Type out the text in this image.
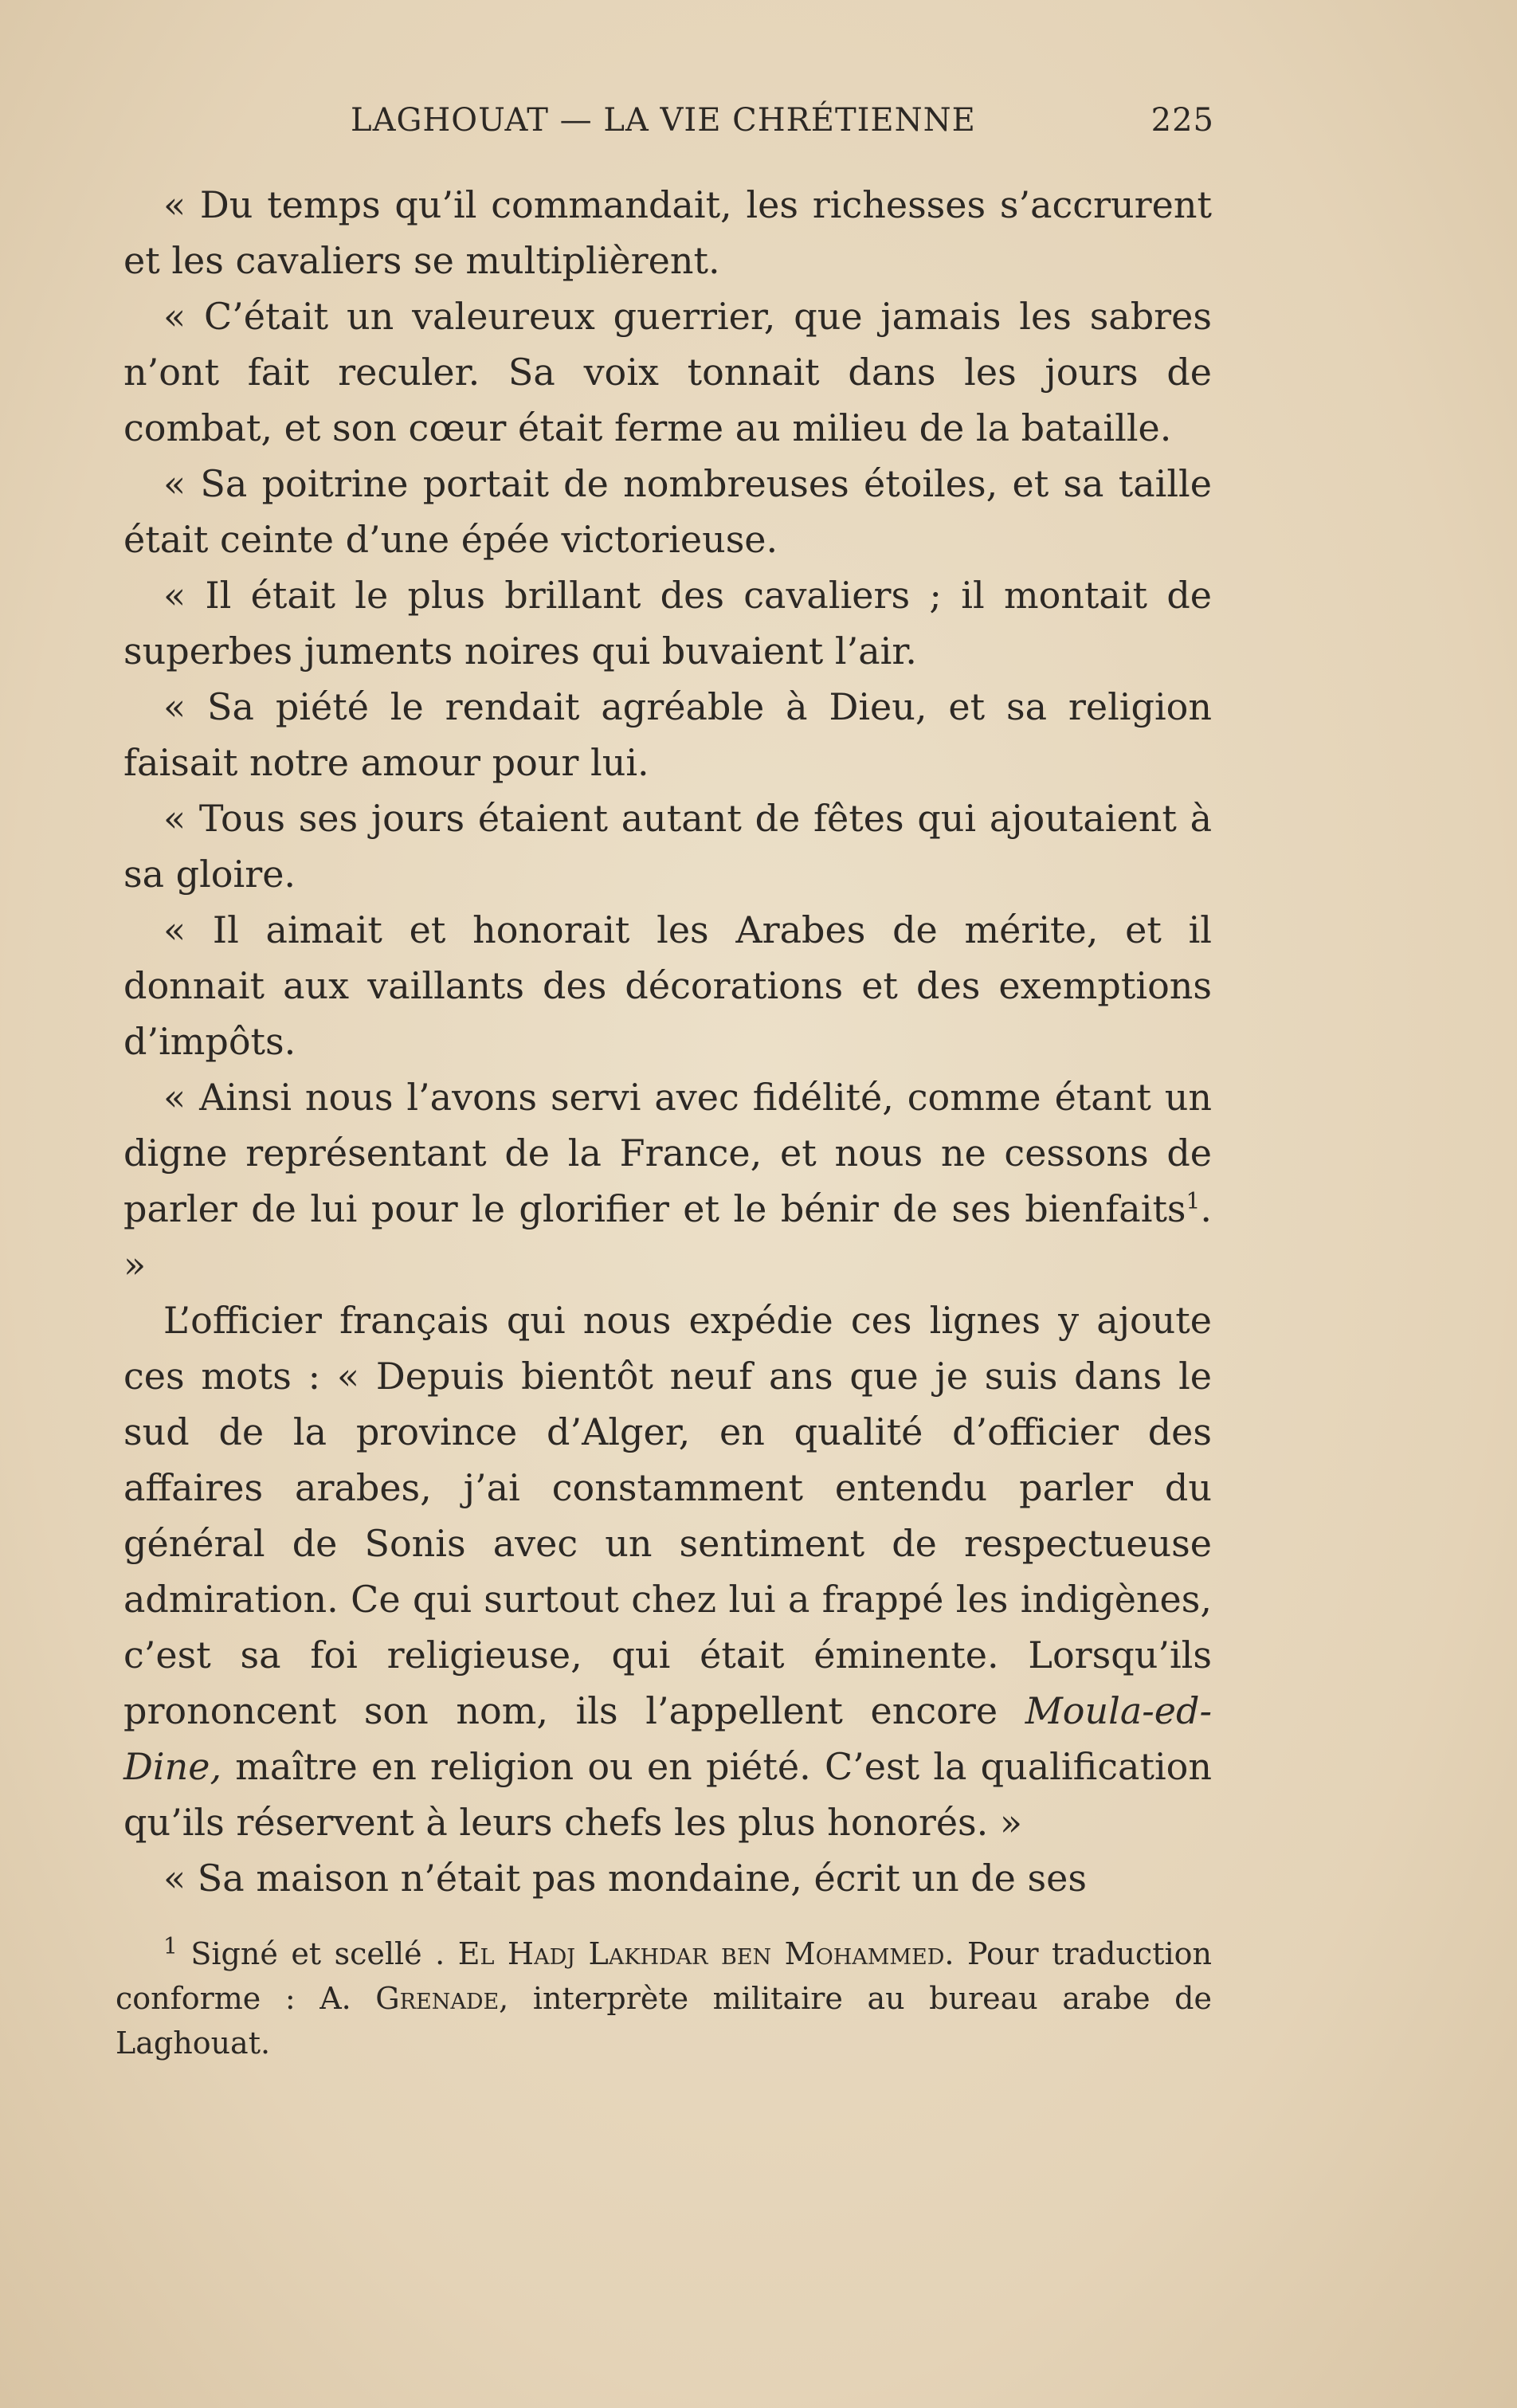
LAGHOUAT — LA VIE CHRÉTIENNE	225

« Du temps qu’il commandait, les richesses s’accrurent et les cavaliers se multiplièrent.

« C’était un valeureux guerrier, que jamais les sabres n’ont fait reculer. Sa voix tonnait dans les jours de combat, et son cœur était ferme au milieu de la bataille.

« Sa poitrine portait de nombreuses étoiles, et sa taille était ceinte d’une épée victorieuse.

« Il était le plus brillant des cavaliers ; il montait de superbes juments noires qui buvaient l’air.

« Sa piété le rendait agréable à Dieu, et sa religion faisait notre amour pour lui.

« Tous ses jours étaient autant de fêtes qui ajoutaient à sa gloire.

« Il aimait et honorait les Arabes de mérite, et il donnait aux vaillants des décorations et des exemptions d’impôts.

« Ainsi nous l’avons servi avec fidélité, comme étant un digne représentant de la France, et nous ne cessons de parler de lui pour le glorifier et le bénir de ses bienfaits$^1$. »

L’officier français qui nous expédie ces lignes y ajoute ces mots : « Depuis bientôt neuf ans que je suis dans le sud de la province d’Alger, en qualité d’officier des affaires arabes, j’ai constamment entendu parler du général de Sonis avec un sentiment de respectueuse admiration. Ce qui surtout chez lui a frappé les indigènes, c’est sa foi religieuse, qui était éminente. Lorsqu’ils prononcent son nom, ils l’appellent encore Moula-ed-Dine, maître en religion ou en piété. C’est la qualification qu’ils réservent à leurs chefs les plus honorés. »

« Sa maison n’était pas mondaine, écrit un de ses

$^1$ Signé et scellé . El Hadj Lakhdar ben Mohammed. Pour traduction conforme : A. Grenade, interprète militaire au bureau arabe de Laghouat.
